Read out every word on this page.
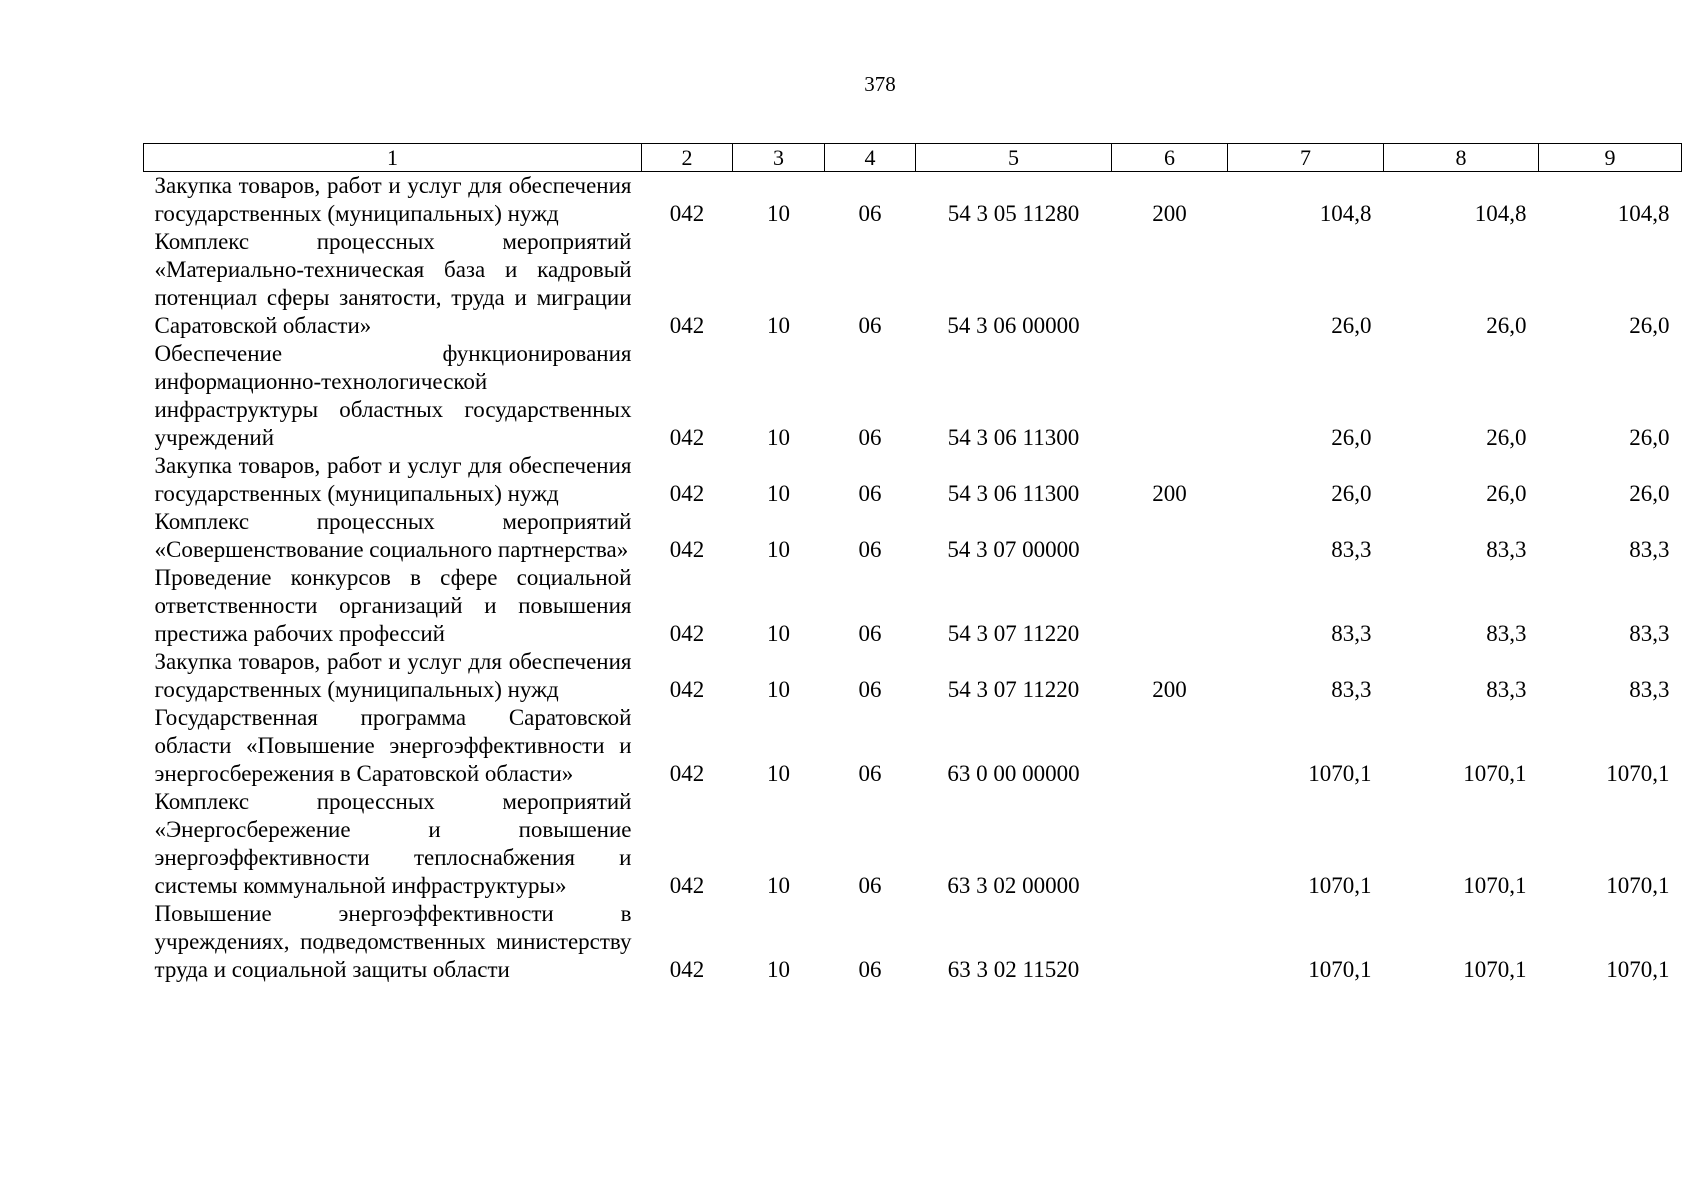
378
1	2	3	4	5	6	7	8	9
Закупка товаров, работ и услуг для обеспечения государственных (муниципальных) нужд	042	10	06	54 3 05 11280	200	104,8	104,8	104,8
Комплекс процессных мероприятий «Материально-техническая база и кадровый потенциал сферы занятости, труда и миграции Саратовской области»	042	10	06	54 3 06 00000		26,0	26,0	26,0
Обеспечение функционирования информационно-технологической инфраструктуры областных государственных учреждений	042	10	06	54 3 06 11300		26,0	26,0	26,0
Закупка товаров, работ и услуг для обеспечения государственных (муниципальных) нужд	042	10	06	54 3 06 11300	200	26,0	26,0	26,0
Комплекс процессных мероприятий «Совершенствование социального партнерства»	042	10	06	54 3 07 00000		83,3	83,3	83,3
Проведение конкурсов в сфере социальной ответственности организаций и повышения престижа рабочих профессий	042	10	06	54 3 07 11220		83,3	83,3	83,3
Закупка товаров, работ и услуг для обеспечения государственных (муниципальных) нужд	042	10	06	54 3 07 11220	200	83,3	83,3	83,3
Государственная программа Саратовской области «Повышение энергоэффективности и энергосбережения в Саратовской области»	042	10	06	63 0 00 00000		1070,1	1070,1	1070,1
Комплекс процессных мероприятий «Энергосбережение и повышение энергоэффективности теплоснабжения и системы коммунальной инфраструктуры»	042	10	06	63 3 02 00000		1070,1	1070,1	1070,1
Повышение энергоэффективности в учреждениях, подведомственных министерству труда и социальной защиты области	042	10	06	63 3 02 11520		1070,1	1070,1	1070,1
